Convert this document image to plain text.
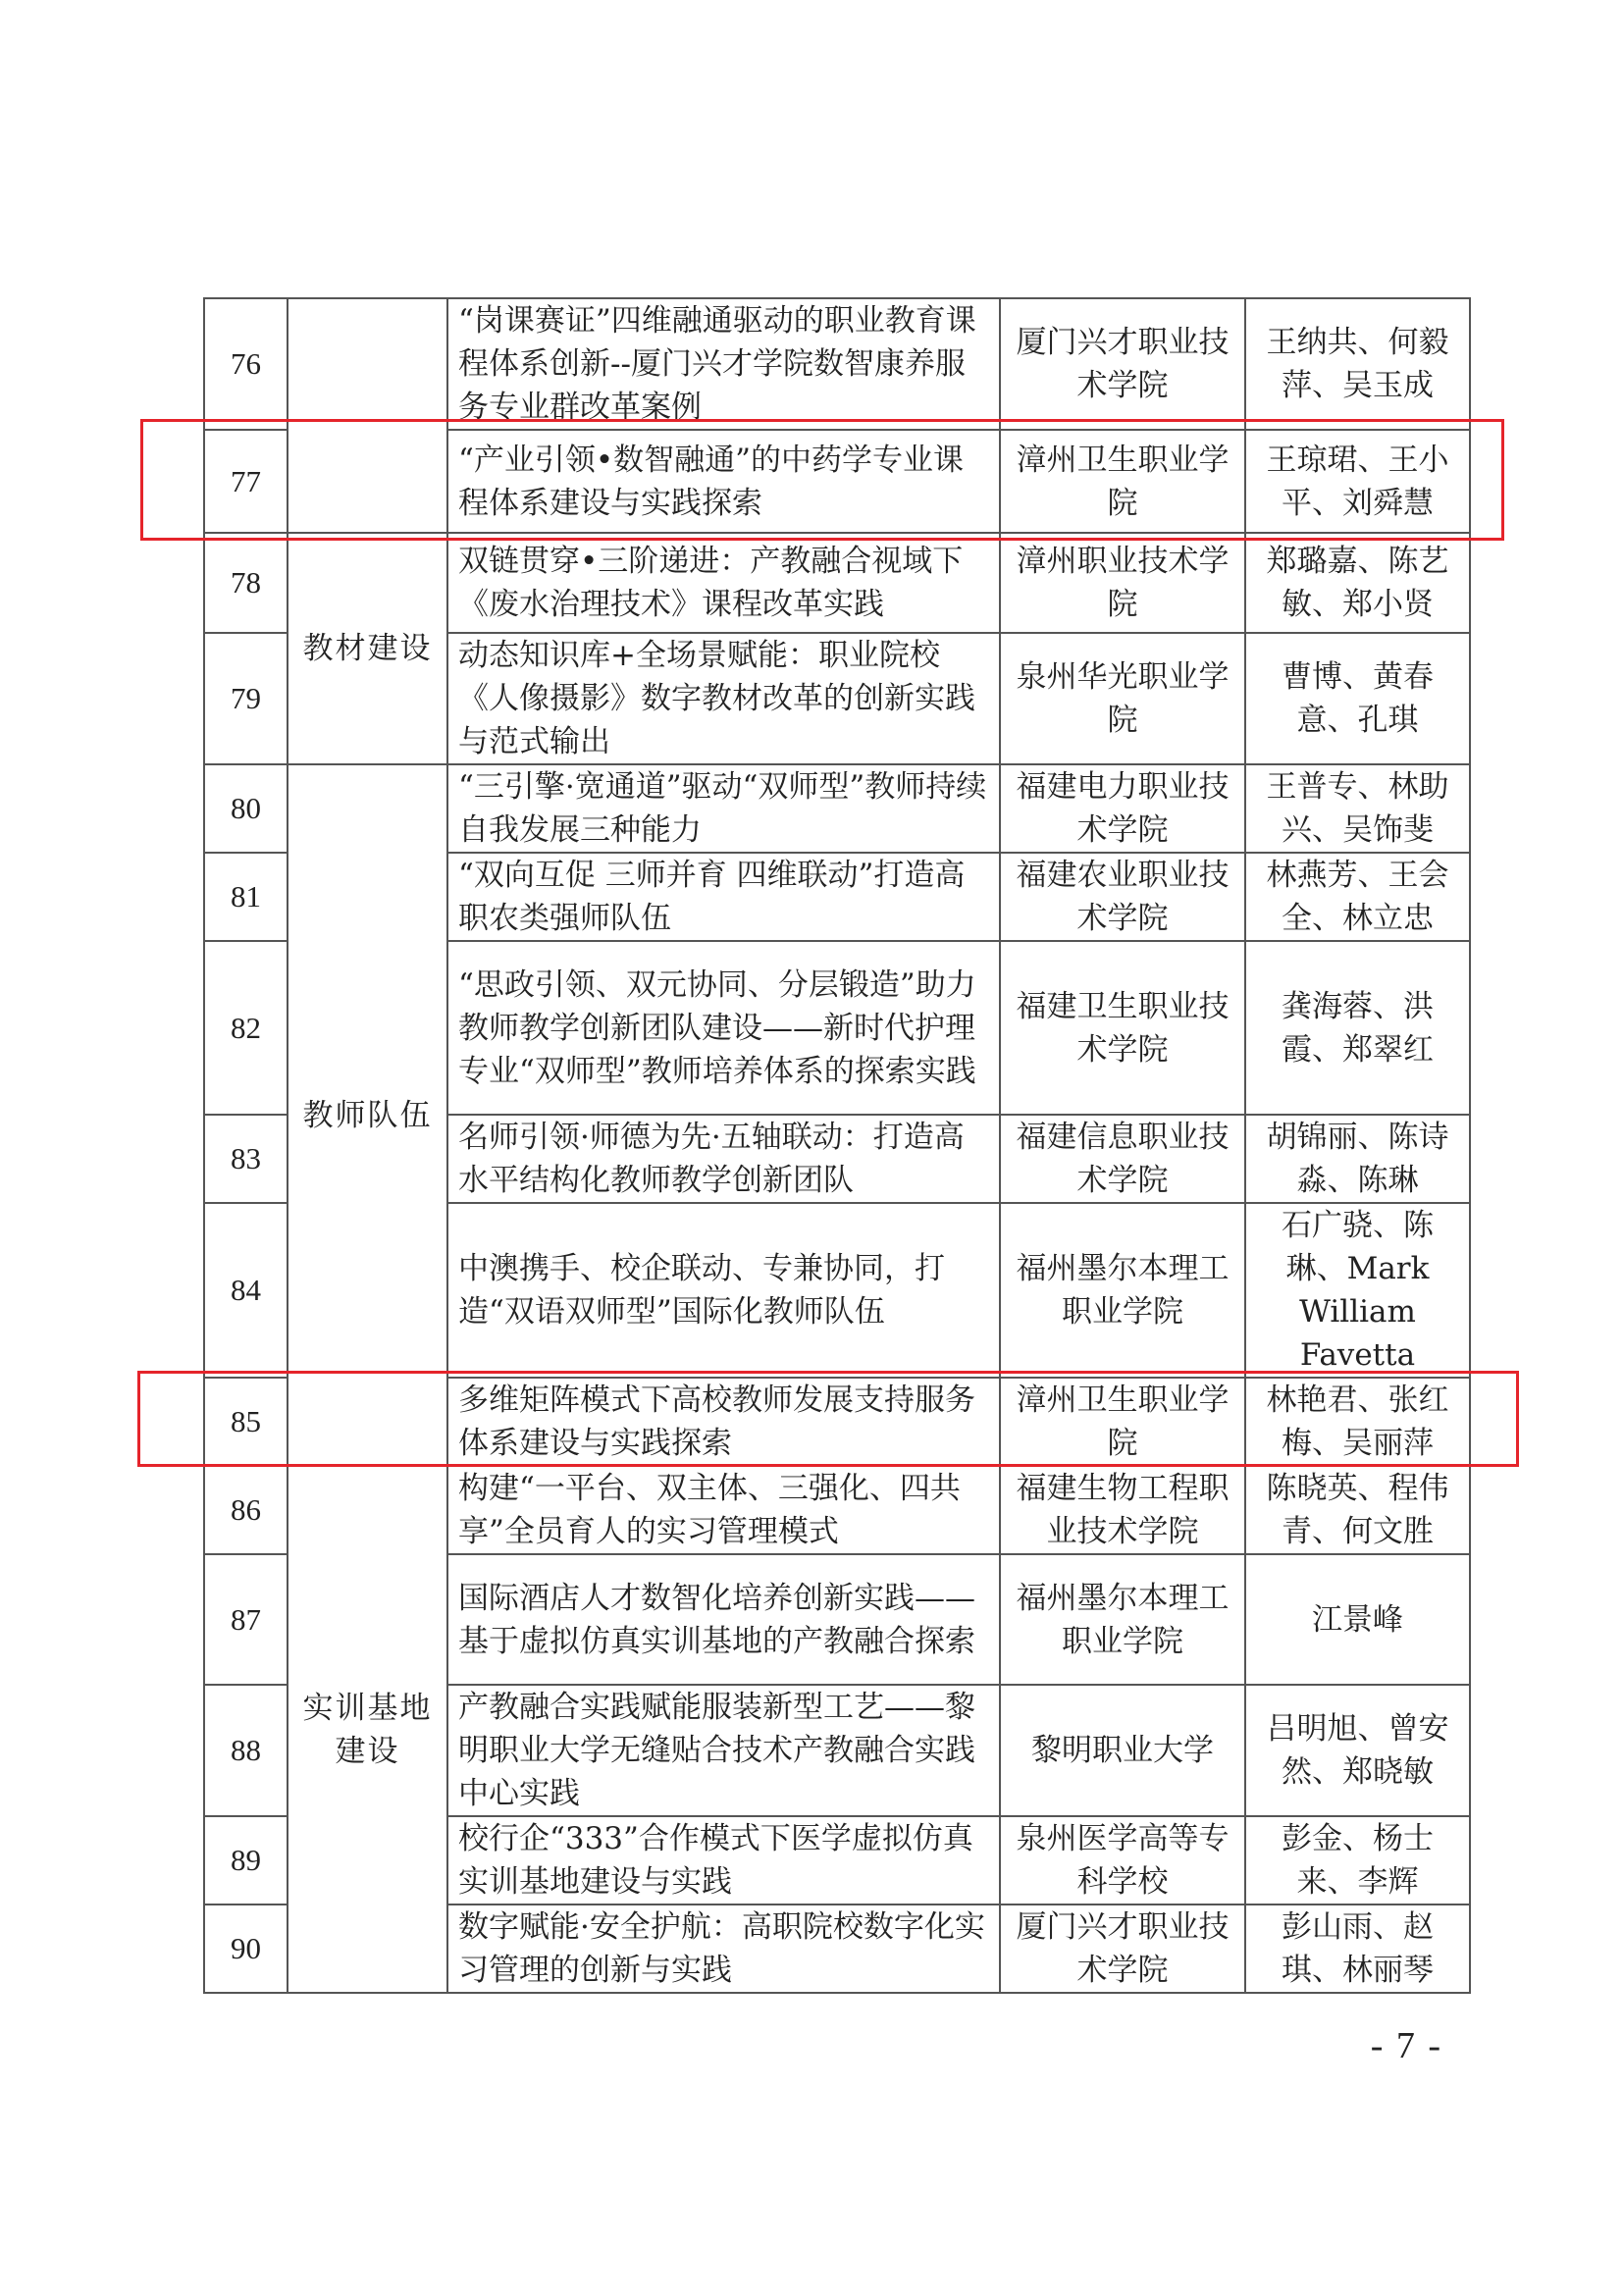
76		“岗课赛证”四维融通驱动的职业教育课程体系创新--厦门兴才学院数智康养服务专业群改革案例	厦门兴才职业技术学院	王纳共、何毅萍、吴玉成
77		“产业引领•数智融通”的中药学专业课程体系建设与实践探索	漳州卫生职业学院	王琼珺、王小平、刘舜慧
78	教材建设	双链贯穿•三阶递进：产教融合视域下《废水治理技术》课程改革实践	漳州职业技术学院	郑璐嘉、陈艺敏、郑小贤
79		动态知识库+全场景赋能：职业院校《人像摄影》数字教材改革的创新实践与范式输出	泉州华光职业学院	曹博、黄春意、孔琪
80	教师队伍	“三引擎·宽通道”驱动“双师型”教师持续自我发展三种能力	福建电力职业技术学院	王普专、林助兴、吴饰斐
81		“双向互促 三师并育 四维联动”打造高职农类强师队伍	福建农业职业技术学院	林燕芳、王会全、林立忠
82		“思政引领、双元协同、分层锻造”助力教师教学创新团队建设——新时代护理专业“双师型”教师培养体系的探索实践	福建卫生职业技术学院	龚海蓉、洪霞、郑翠红
83		名师引领·师德为先·五轴联动：打造高水平结构化教师教学创新团队	福建信息职业技术学院	胡锦丽、陈诗淼、陈琳
84		中澳携手、校企联动、专兼协同，打造“双语双师型”国际化教师队伍	福州墨尔本理工职业学院	石广骁、陈琳、Mark William Favetta
85		多维矩阵模式下高校教师发展支持服务体系建设与实践探索	漳州卫生职业学院	林艳君、张红梅、吴丽萍
86	实训基地建设	构建“一平台、双主体、三强化、四共享”全员育人的实习管理模式	福建生物工程职业技术学院	陈晓英、程伟青、何文胜
87		国际酒店人才数智化培养创新实践——基于虚拟仿真实训基地的产教融合探索	福州墨尔本理工职业学院	江景峰
88		产教融合实践赋能服装新型工艺——黎明职业大学无缝贴合技术产教融合实践中心实践	黎明职业大学	吕明旭、曾安然、郑晓敏
89		校行企“333”合作模式下医学虚拟仿真实训基地建设与实践	泉州医学高等专科学校	彭金、杨士来、李辉
90		数字赋能·安全护航：高职院校数字化实习管理的创新与实践	厦门兴才职业技术学院	彭山雨、赵琪、林丽琴
- 7 -
